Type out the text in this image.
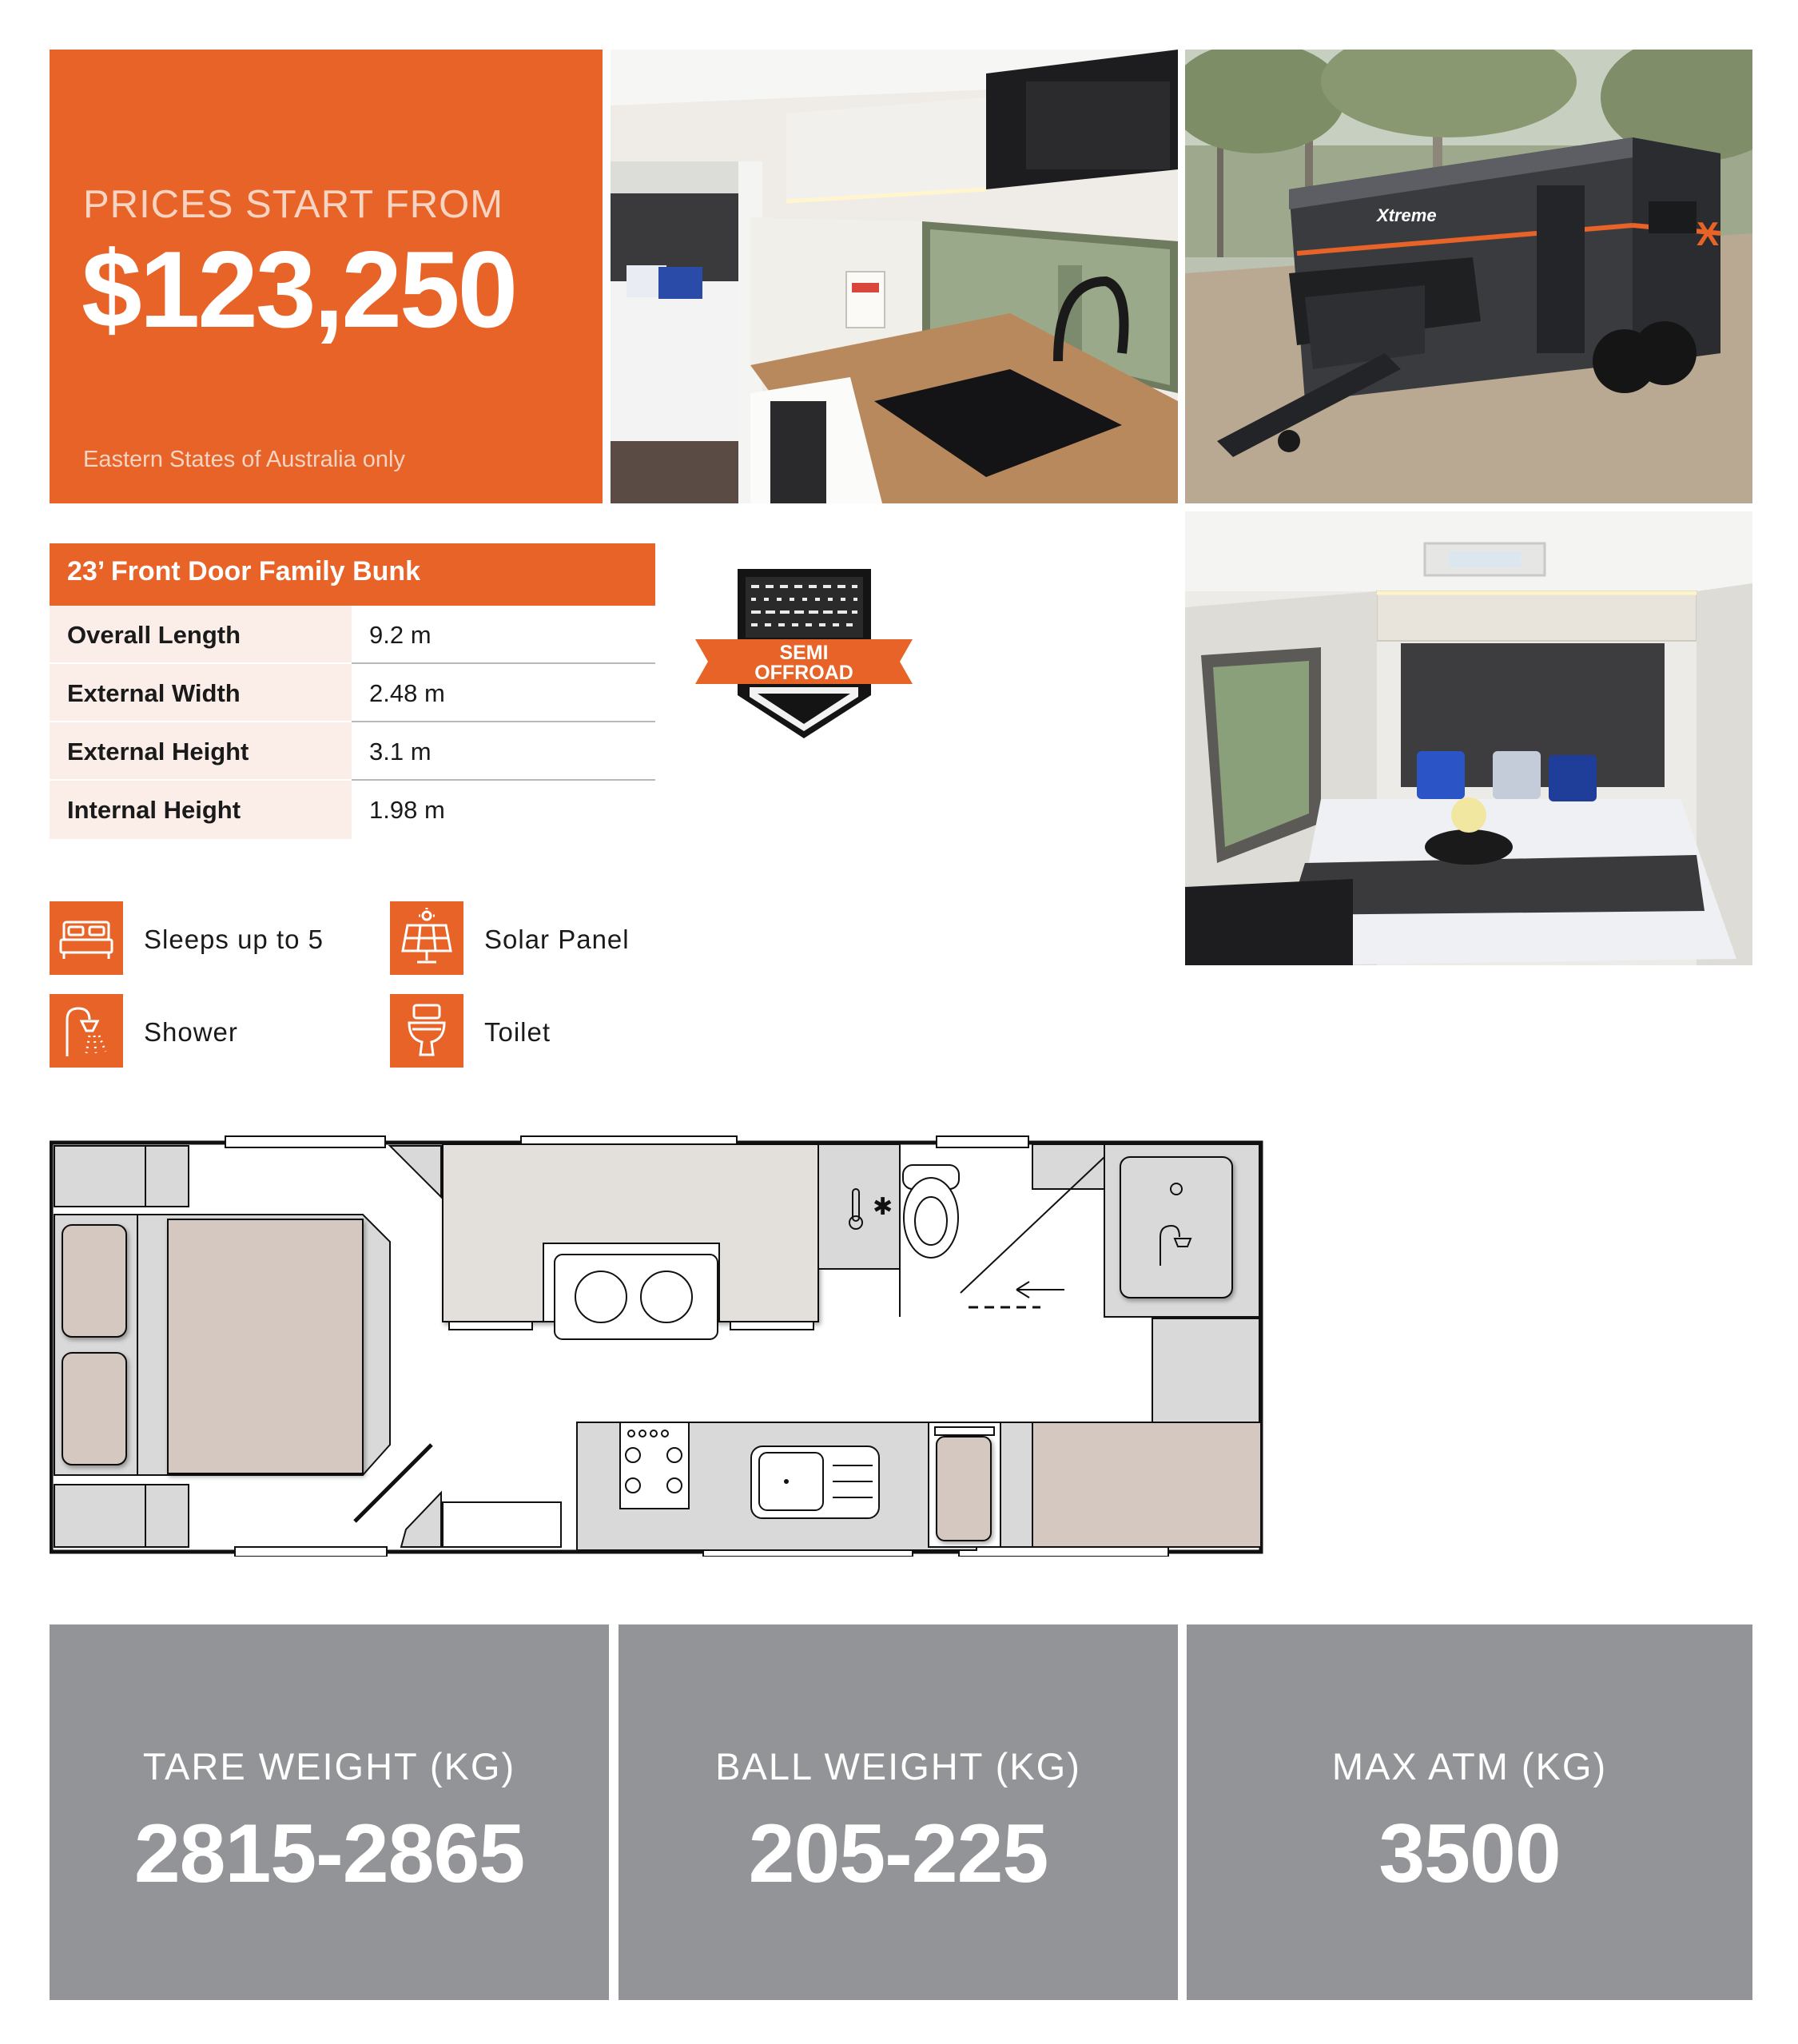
PRICES START FROM
$123,250
Eastern States of Australia only
Xtreme	X
23’ Front Door Family Bunk
Overall Length	9.2 m
External Width	2.48 m
External Height	3.1 m
Internal Height	1.98 m
SEMI
OFFROAD
Sleeps up to 5	Solar Panel
Shower	Toilet
✱
TARE WEIGHT (KG)
2815-2865
BALL WEIGHT (KG)
205-225
MAX ATM (KG)
3500
